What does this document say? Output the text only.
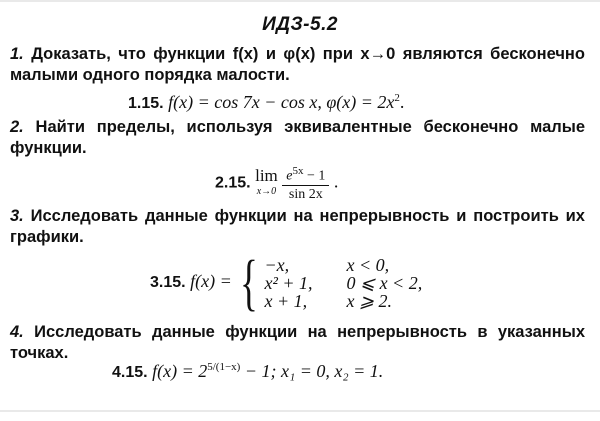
ИДЗ-5.2
1. Доказать, что функции f(x) и φ(x) при x→0 являются бесконечно малыми одного порядка малости.
1.15. f(x) = cos 7x − cos x, $\varphi(x) = 2x^2$.
2. Найти пределы, используя эквивалентные бесконечно малые функции.
2.15. lim
$x\to 0 \frac{e^{5x} - 1}{\sin 2x}$ .
3. Исследовать данные функции на непрерывность и построить их графики.
3.15. f(x) = { −x,	x < 0,
x² + 1, 0 ⩽ x < 2,
x + 1, x ⩾ 2.
4. Исследовать данные функции на непрерывность в указанных точках.
4.15. $f(x) = 2^{5/(1-x)} - 1$; x₁ = 0, x₂ = 1.
